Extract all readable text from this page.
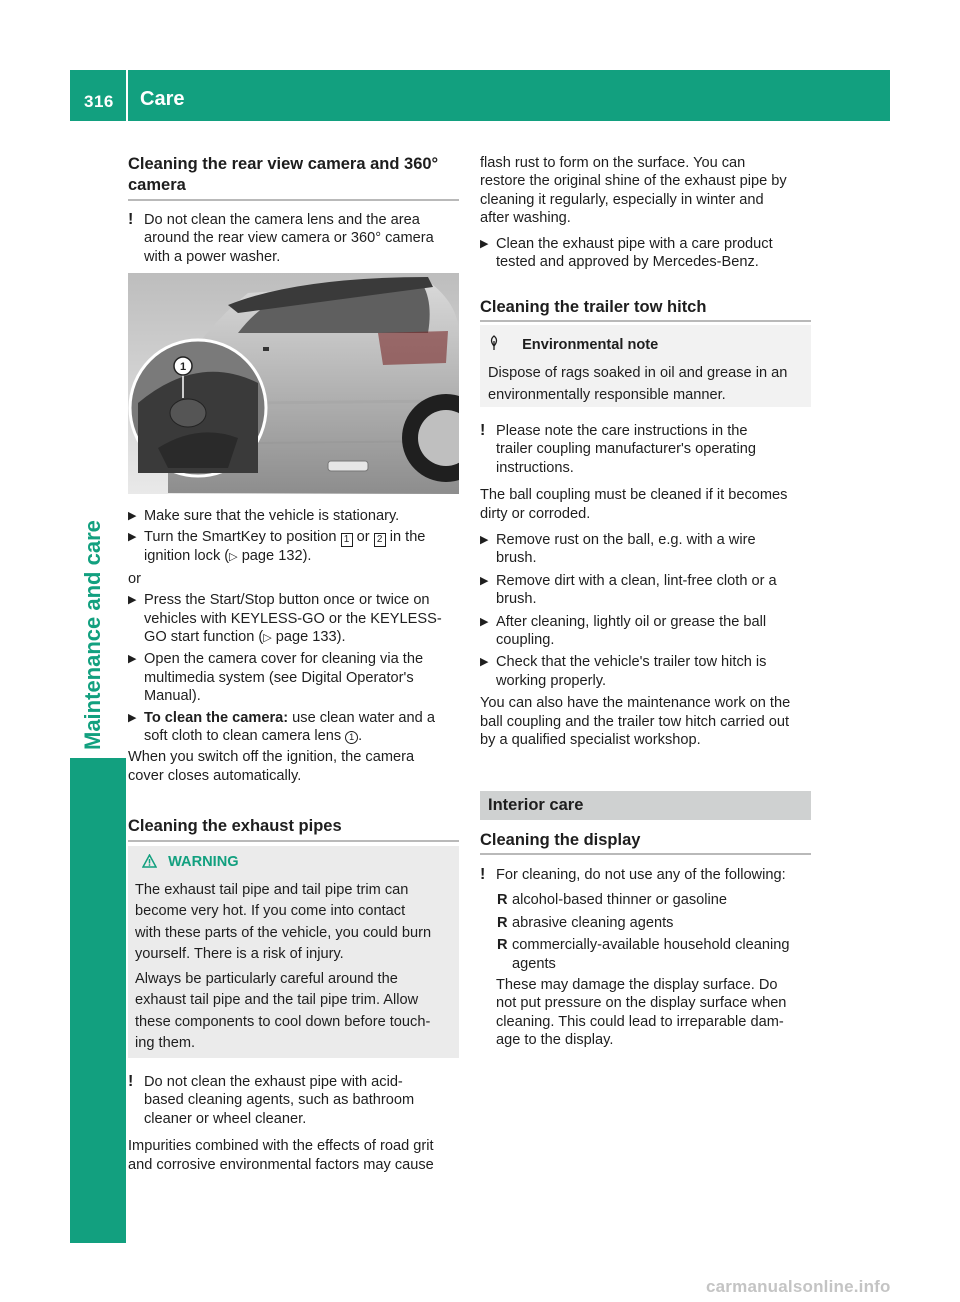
316 Care
Maintenance and care
Cleaning the rear view camera and 360°
camera

! Do not clean the camera lens and the area

around the rear view camera or 360° camera

with a power washer.

1
▶ Make sure that the vehicle is stationary.
▶ Turn the SmartKey to position 1 or 2 in the
ignition lock (▷ page 132).

or

▶ Press the Start/Stop button once or twice on
vehicles with KEYLESS-GO or the KEYLESS-
GO start function (▷ page 133).
▶ Open the camera cover for cleaning via the
multimedia system (see Digital Operator's
Manual).
▶ To clean the camera: use clean water and a
soft cloth to clean camera lens 1 .

When you switch off the ignition, the camera

cover closes automatically.

Cleaning the exhaust pipes

WARNING

The exhaust tail pipe and tail pipe trim can

become very hot. If you come into contact

with these parts of the vehicle, you could burn

yourself. There is a risk of injury.

Always be particularly careful around the

exhaust tail pipe and the tail pipe trim. Allow

these components to cool down before touch-

ing them.

! Do not clean the exhaust pipe with acid-

based cleaning agents, such as bathroom

cleaner or wheel cleaner.

Impurities combined with the effects of road grit

and corrosive environmental factors may cause

flash rust to form on the surface. You can

restore the original shine of the exhaust pipe by

cleaning it regularly, especially in winter and

after washing.

▶ Clean the exhaust pipe with a care product
tested and approved by Mercedes-Benz.
Cleaning the trailer tow hitch

Environmental note

Dispose of rags soaked in oil and grease in an

environmentally responsible manner.

! Please note the care instructions in the

trailer coupling manufacturer's operating

instructions.

The ball coupling must be cleaned if it becomes

dirty or corroded.

▶ Remove rust on the ball, e.g. with a wire
brush.
▶ Remove dirt with a clean, lint-free cloth or a
brush.
▶ After cleaning, lightly oil or grease the ball
coupling.
▶ Check that the vehicle's trailer tow hitch is
working properly.

You can also have the maintenance work on the

ball coupling and the trailer tow hitch carried out

by a qualified specialist workshop.

Interior care
Cleaning the display

! For cleaning, do not use any of the following:

R alcohol-based thinner or gasoline
R abrasive cleaning agents
R commercially-available household cleaning
agents

These may damage the display surface. Do

not put pressure on the display surface when

cleaning. This could lead to irreparable dam-

age to the display.

carmanualsonline.info
